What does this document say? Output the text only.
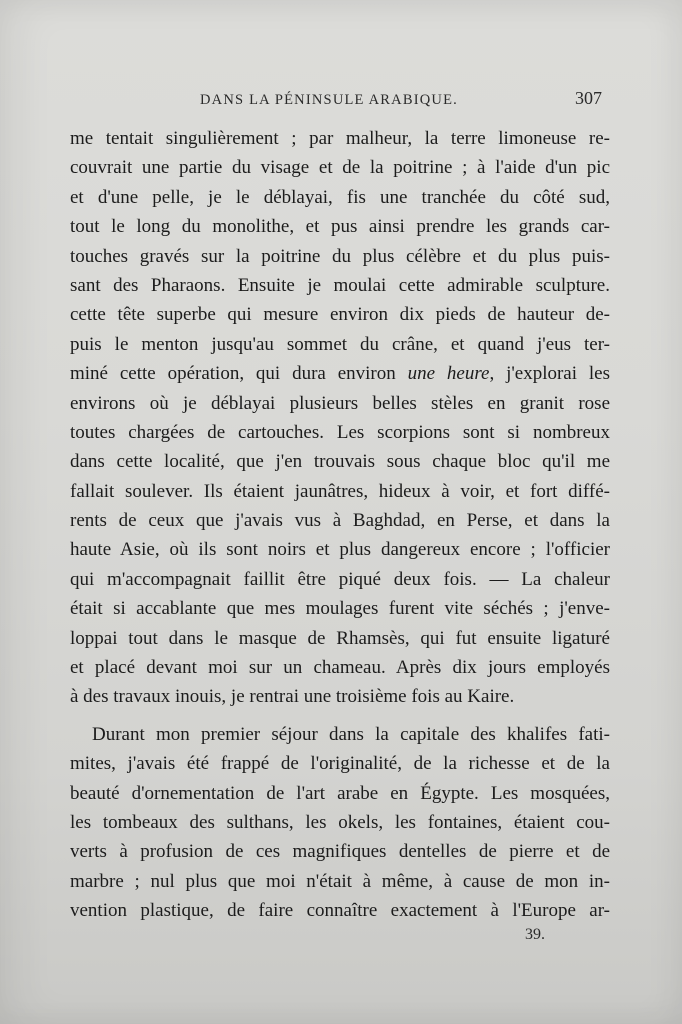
DANS LA PÉNINSULE ARABIQUE.	307
me tentait singulièrement ; par malheur, la terre limoneuse re-
couvrait une partie du visage et de la poitrine ; à l'aide d'un pic
et d'une pelle, je le déblayai, fis une tranchée du côté sud,
tout le long du monolithe, et pus ainsi prendre les grands car-
touches gravés sur la poitrine du plus célèbre et du plus puis-
sant des Pharaons. Ensuite je moulai cette admirable sculpture.
cette tête superbe qui mesure environ dix pieds de hauteur de-
puis le menton jusqu'au sommet du crâne, et quand j'eus ter-
miné cette opération, qui dura environ une heure, j'explorai les
environs où je déblayai plusieurs belles stèles en granit rose
toutes chargées de cartouches. Les scorpions sont si nombreux
dans cette localité, que j'en trouvais sous chaque bloc qu'il me
fallait soulever. Ils étaient jaunâtres, hideux à voir, et fort diffé-
rents de ceux que j'avais vus à Baghdad, en Perse, et dans la
haute Asie, où ils sont noirs et plus dangereux encore ; l'officier
qui m'accompagnait faillit être piqué deux fois. — La chaleur
était si accablante que mes moulages furent vite séchés ; j'enve-
loppai tout dans le masque de Rhamsès, qui fut ensuite ligaturé
et placé devant moi sur un chameau. Après dix jours employés
à des travaux inouis, je rentrai une troisième fois au Kaire.
Durant mon premier séjour dans la capitale des khalifes fati-
mites, j'avais été frappé de l'originalité, de la richesse et de la
beauté d'ornementation de l'art arabe en Égypte. Les mosquées,
les tombeaux des sulthans, les okels, les fontaines, étaient cou-
verts à profusion de ces magnifiques dentelles de pierre et de
marbre ; nul plus que moi n'était à même, à cause de mon in-
vention plastique, de faire connaître exactement à l'Europe ar-
39.
